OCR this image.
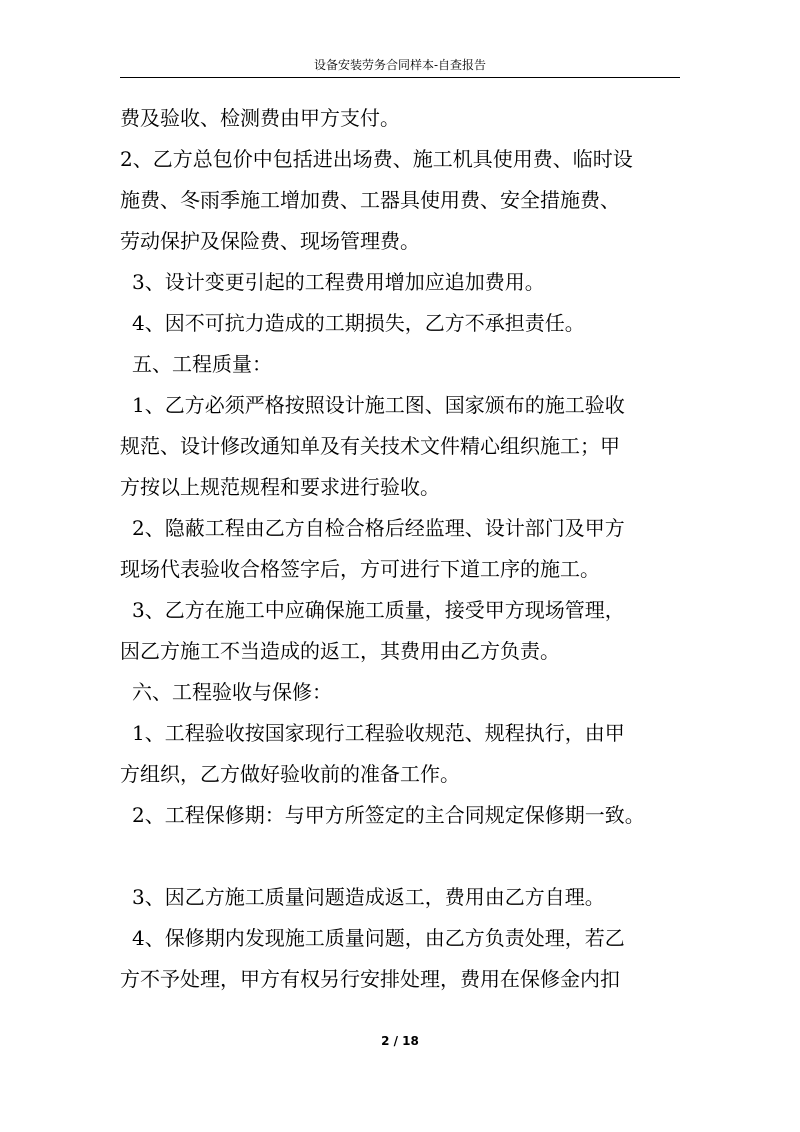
设备安装劳务合同样本-自查报告
费及验收、检测费由甲方支付。
2、乙方总包价中包括进出场费、施工机具使用费、临时设
施费、冬雨季施工增加费、工器具使用费、安全措施费、
劳动保护及保险费、现场管理费。
3、设计变更引起的工程费用增加应追加费用。
4、因不可抗力造成的工期损失，乙方不承担责任。
五、工程质量：
1、乙方必须严格按照设计施工图、国家颁布的施工验收
规范、设计修改通知单及有关技术文件精心组织施工；甲
方按以上规范规程和要求进行验收。
2、隐蔽工程由乙方自检合格后经监理、设计部门及甲方
现场代表验收合格签字后，方可进行下道工序的施工。
3、乙方在施工中应确保施工质量，接受甲方现场管理，
因乙方施工不当造成的返工，其费用由乙方负责。
六、工程验收与保修：
1、工程验收按国家现行工程验收规范、规程执行，由甲
方组织，乙方做好验收前的准备工作。
2、工程保修期：与甲方所签定的主合同规定保修期一致。
3、因乙方施工质量问题造成返工，费用由乙方自理。
4、保修期内发现施工质量问题，由乙方负责处理，若乙
方不予处理，甲方有权另行安排处理，费用在保修金内扣
2 / 18
